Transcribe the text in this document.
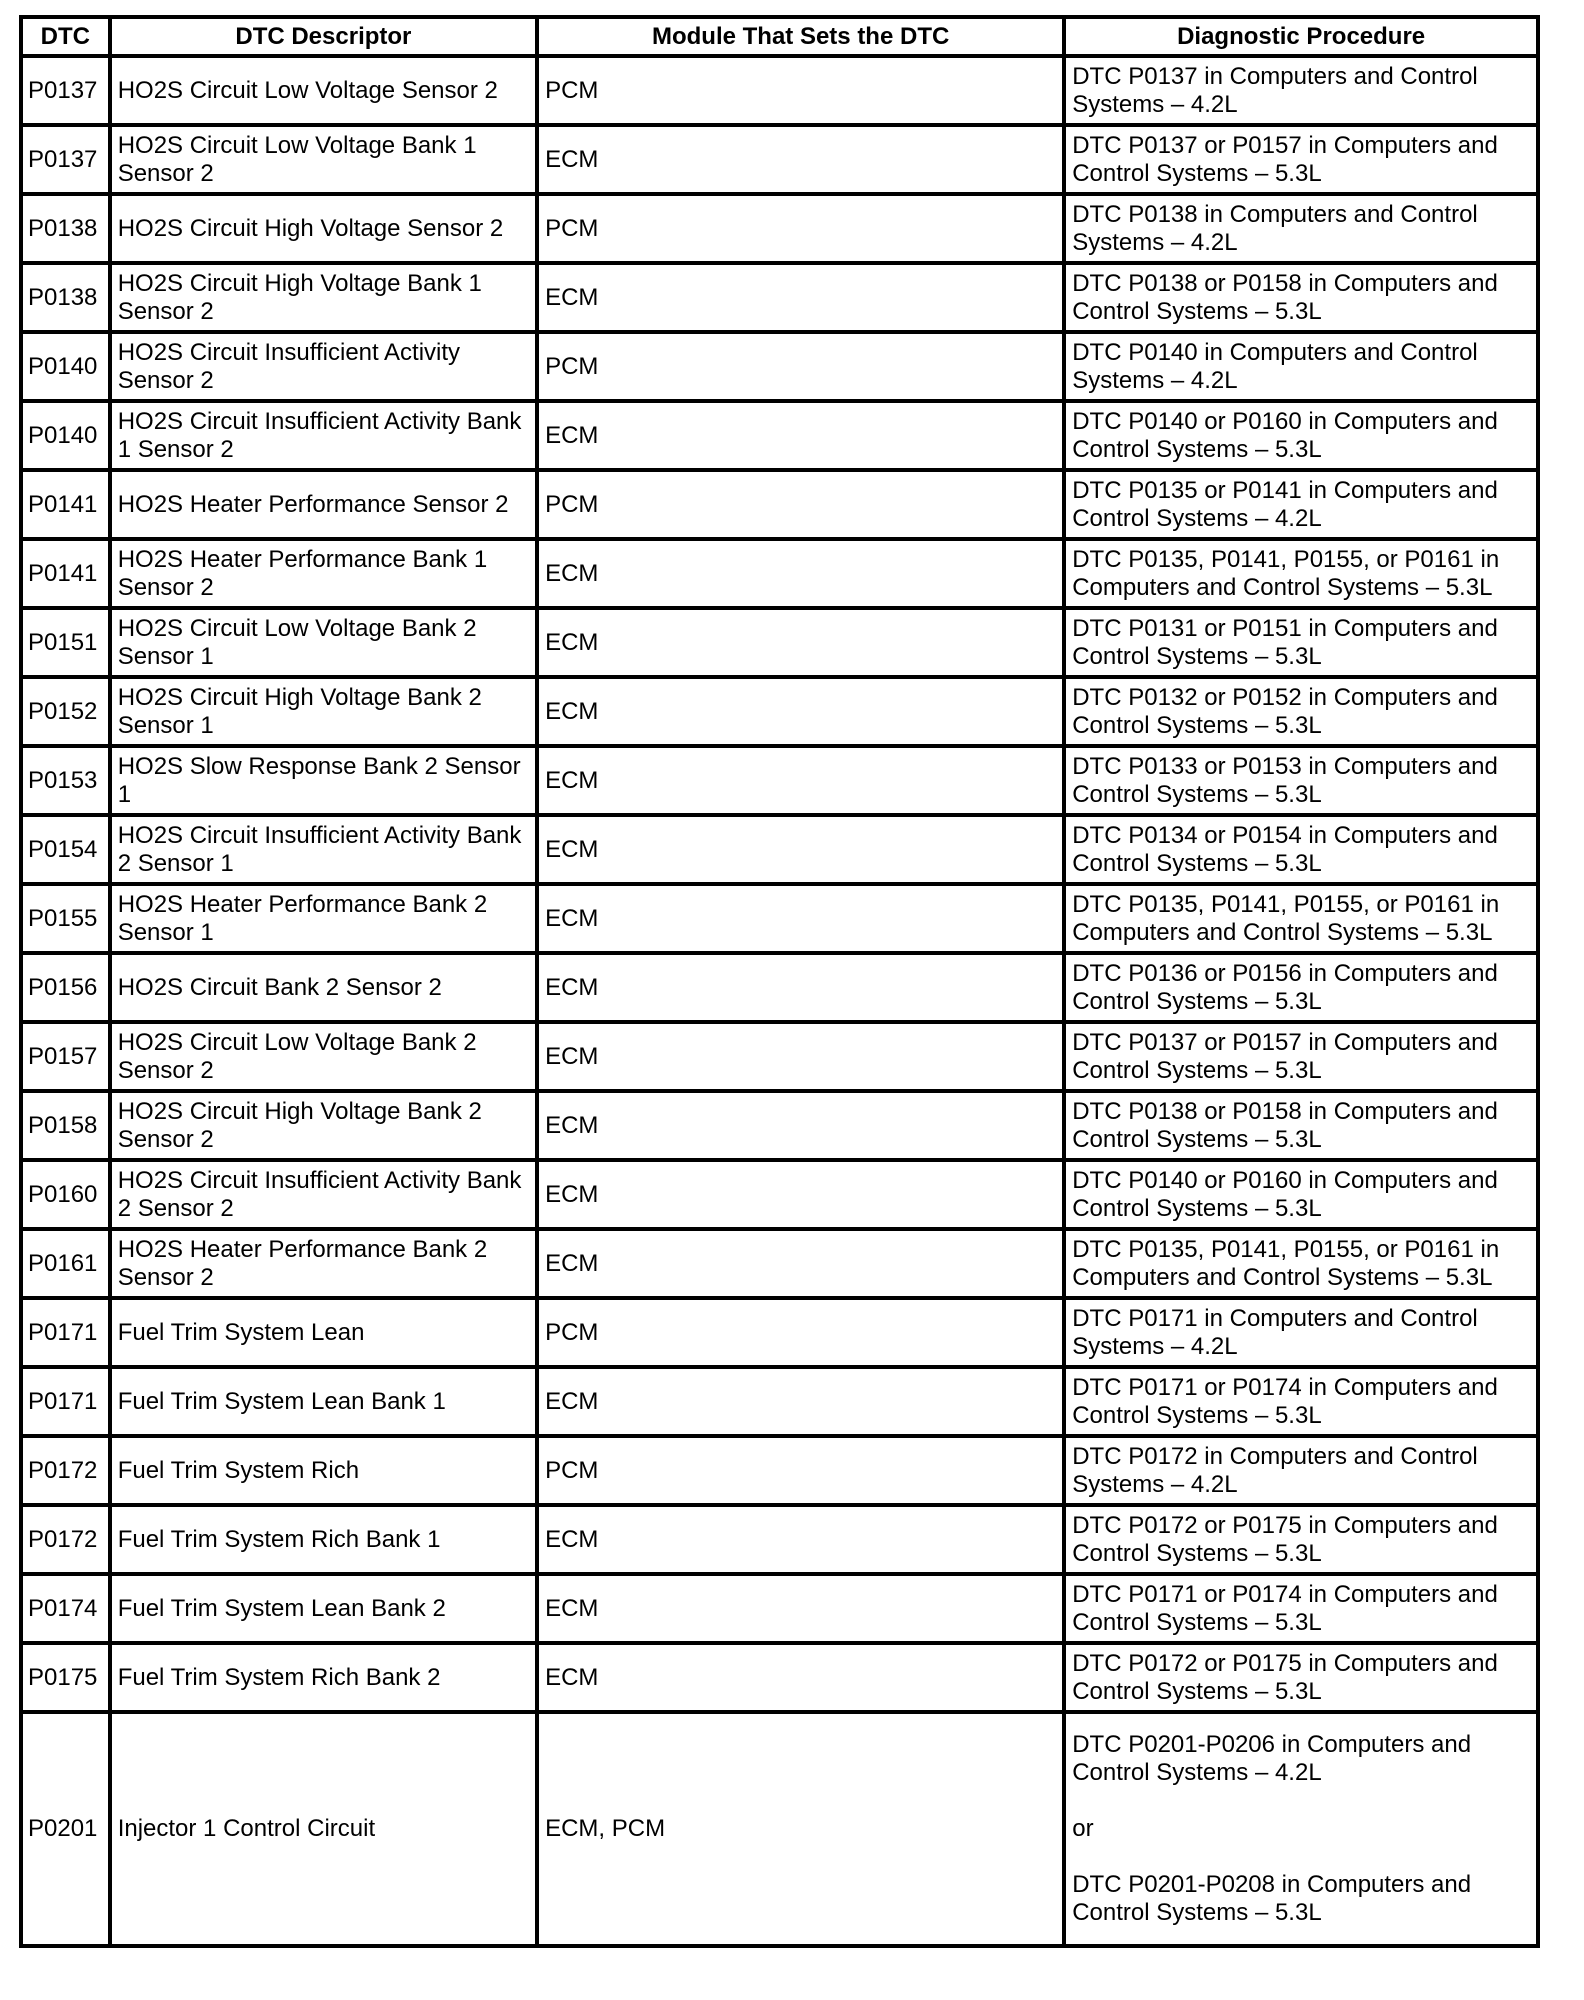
DTC	DTC Descriptor	Module That Sets the DTC	Diagnostic Procedure
P0137	HO2S Circuit Low Voltage Sensor 2	PCM	DTC P0137 in Computers and Control Systems – 4.2L
P0137	HO2S Circuit Low Voltage Bank 1 Sensor 2	ECM	DTC P0137 or P0157 in Computers and Control Systems – 5.3L
P0138	HO2S Circuit High Voltage Sensor 2	PCM	DTC P0138 in Computers and Control Systems – 4.2L
P0138	HO2S Circuit High Voltage Bank 1 Sensor 2	ECM	DTC P0138 or P0158 in Computers and Control Systems – 5.3L
P0140	HO2S Circuit Insufficient Activity Sensor 2	PCM	DTC P0140 in Computers and Control Systems – 4.2L
P0140	HO2S Circuit Insufficient Activity Bank 1 Sensor 2	ECM	DTC P0140 or P0160 in Computers and Control Systems – 5.3L
P0141	HO2S Heater Performance Sensor 2	PCM	DTC P0135 or P0141 in Computers and Control Systems – 4.2L
P0141	HO2S Heater Performance Bank 1 Sensor 2	ECM	DTC P0135, P0141, P0155, or P0161 in Computers and Control Systems – 5.3L
P0151	HO2S Circuit Low Voltage Bank 2 Sensor 1	ECM	DTC P0131 or P0151 in Computers and Control Systems – 5.3L
P0152	HO2S Circuit High Voltage Bank 2 Sensor 1	ECM	DTC P0132 or P0152 in Computers and Control Systems – 5.3L
P0153	HO2S Slow Response Bank 2 Sensor 1	ECM	DTC P0133 or P0153 in Computers and Control Systems – 5.3L
P0154	HO2S Circuit Insufficient Activity Bank 2 Sensor 1	ECM	DTC P0134 or P0154 in Computers and Control Systems – 5.3L
P0155	HO2S Heater Performance Bank 2 Sensor 1	ECM	DTC P0135, P0141, P0155, or P0161 in Computers and Control Systems – 5.3L
P0156	HO2S Circuit Bank 2 Sensor 2	ECM	DTC P0136 or P0156 in Computers and Control Systems – 5.3L
P0157	HO2S Circuit Low Voltage Bank 2 Sensor 2	ECM	DTC P0137 or P0157 in Computers and Control Systems – 5.3L
P0158	HO2S Circuit High Voltage Bank 2 Sensor 2	ECM	DTC P0138 or P0158 in Computers and Control Systems – 5.3L
P0160	HO2S Circuit Insufficient Activity Bank 2 Sensor 2	ECM	DTC P0140 or P0160 in Computers and Control Systems – 5.3L
P0161	HO2S Heater Performance Bank 2 Sensor 2	ECM	DTC P0135, P0141, P0155, or P0161 in Computers and Control Systems – 5.3L
P0171	Fuel Trim System Lean	PCM	DTC P0171 in Computers and Control Systems – 4.2L
P0171	Fuel Trim System Lean Bank 1	ECM	DTC P0171 or P0174 in Computers and Control Systems – 5.3L
P0172	Fuel Trim System Rich	PCM	DTC P0172 in Computers and Control Systems – 4.2L
P0172	Fuel Trim System Rich Bank 1	ECM	DTC P0172 or P0175 in Computers and Control Systems – 5.3L
P0174	Fuel Trim System Lean Bank 2	ECM	DTC P0171 or P0174 in Computers and Control Systems – 5.3L
P0175	Fuel Trim System Rich Bank 2	ECM	DTC P0172 or P0175 in Computers and Control Systems – 5.3L
P0201	Injector 1 Control Circuit	ECM, PCM	DTC P0201-P0206 in Computers and Control Systems – 4.2L
or
DTC P0201-P0208 in Computers and Control Systems – 5.3L
